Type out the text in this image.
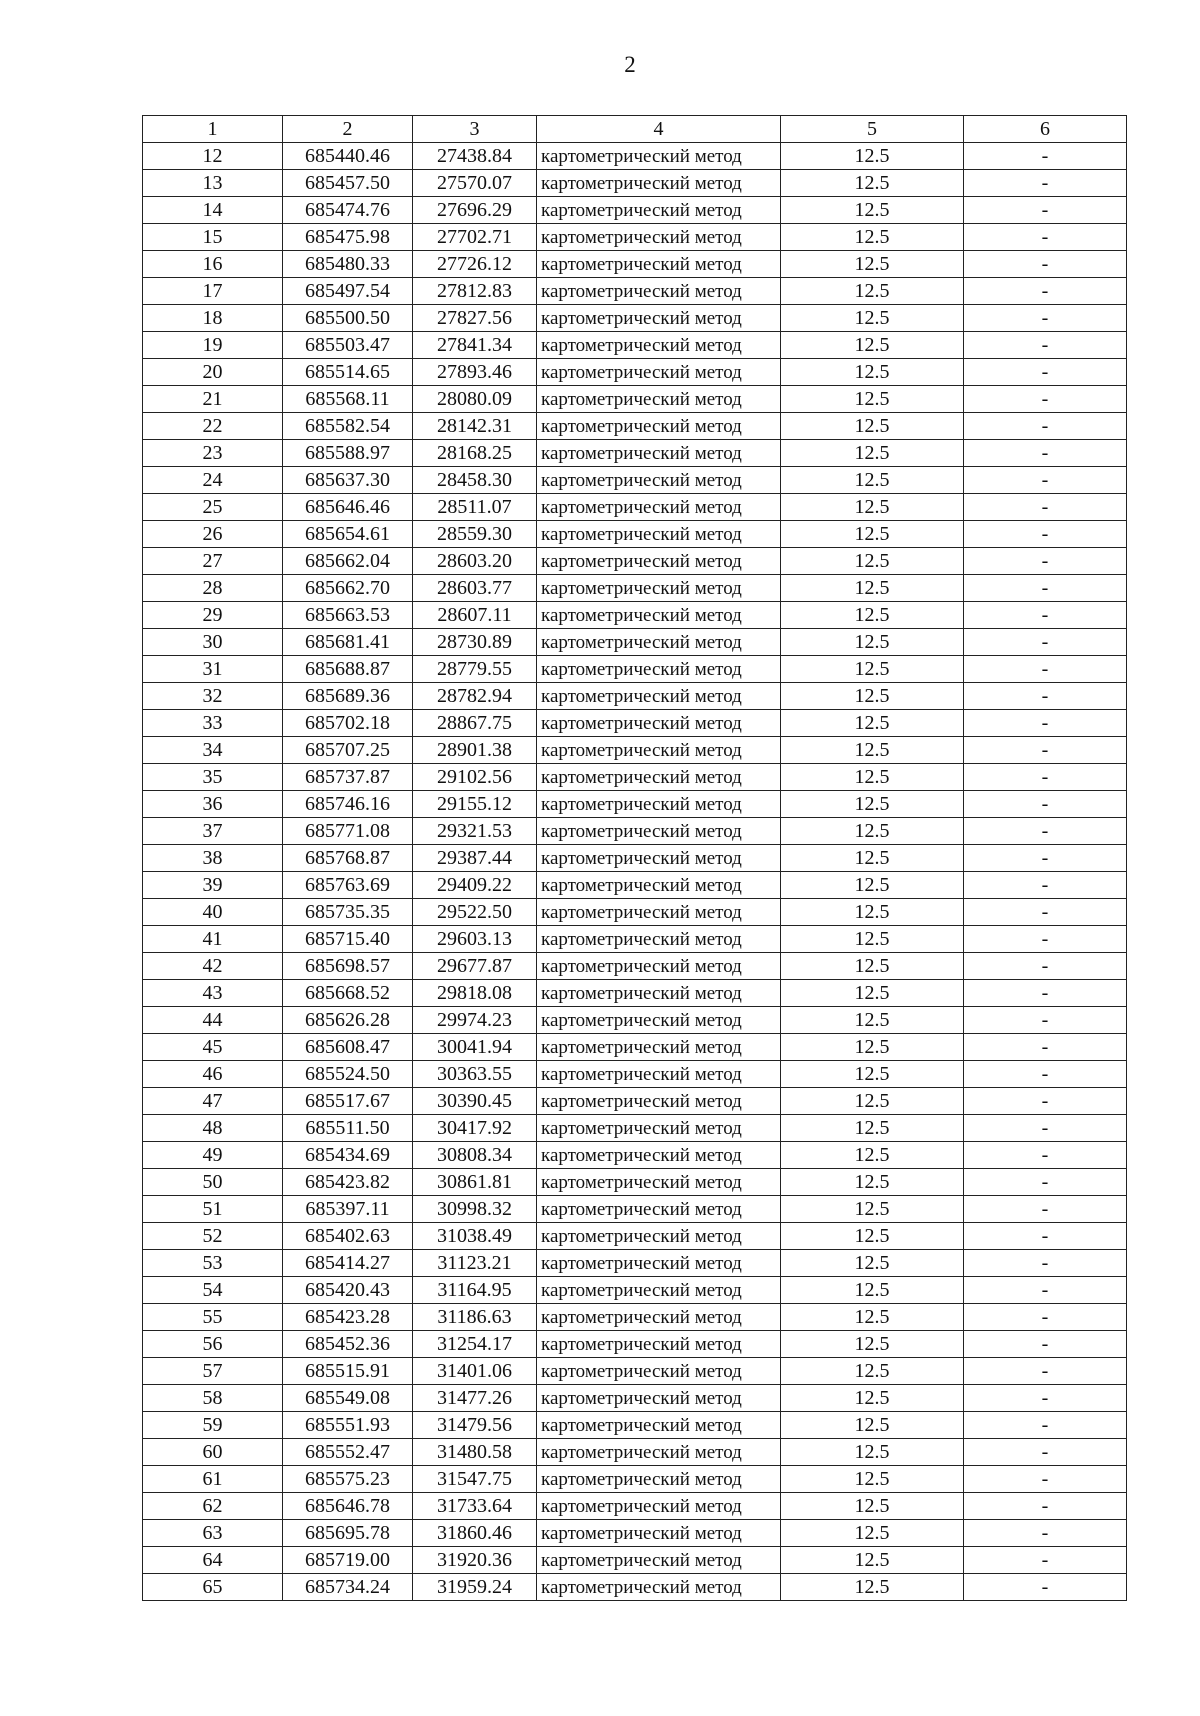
2
1	2	3	4	5	6
12	685440.46	27438.84	картометрический метод	12.5	-
13	685457.50	27570.07	картометрический метод	12.5	-
14	685474.76	27696.29	картометрический метод	12.5	-
15	685475.98	27702.71	картометрический метод	12.5	-
16	685480.33	27726.12	картометрический метод	12.5	-
17	685497.54	27812.83	картометрический метод	12.5	-
18	685500.50	27827.56	картометрический метод	12.5	-
19	685503.47	27841.34	картометрический метод	12.5	-
20	685514.65	27893.46	картометрический метод	12.5	-
21	685568.11	28080.09	картометрический метод	12.5	-
22	685582.54	28142.31	картометрический метод	12.5	-
23	685588.97	28168.25	картометрический метод	12.5	-
24	685637.30	28458.30	картометрический метод	12.5	-
25	685646.46	28511.07	картометрический метод	12.5	-
26	685654.61	28559.30	картометрический метод	12.5	-
27	685662.04	28603.20	картометрический метод	12.5	-
28	685662.70	28603.77	картометрический метод	12.5	-
29	685663.53	28607.11	картометрический метод	12.5	-
30	685681.41	28730.89	картометрический метод	12.5	-
31	685688.87	28779.55	картометрический метод	12.5	-
32	685689.36	28782.94	картометрический метод	12.5	-
33	685702.18	28867.75	картометрический метод	12.5	-
34	685707.25	28901.38	картометрический метод	12.5	-
35	685737.87	29102.56	картометрический метод	12.5	-
36	685746.16	29155.12	картометрический метод	12.5	-
37	685771.08	29321.53	картометрический метод	12.5	-
38	685768.87	29387.44	картометрический метод	12.5	-
39	685763.69	29409.22	картометрический метод	12.5	-
40	685735.35	29522.50	картометрический метод	12.5	-
41	685715.40	29603.13	картометрический метод	12.5	-
42	685698.57	29677.87	картометрический метод	12.5	-
43	685668.52	29818.08	картометрический метод	12.5	-
44	685626.28	29974.23	картометрический метод	12.5	-
45	685608.47	30041.94	картометрический метод	12.5	-
46	685524.50	30363.55	картометрический метод	12.5	-
47	685517.67	30390.45	картометрический метод	12.5	-
48	685511.50	30417.92	картометрический метод	12.5	-
49	685434.69	30808.34	картометрический метод	12.5	-
50	685423.82	30861.81	картометрический метод	12.5	-
51	685397.11	30998.32	картометрический метод	12.5	-
52	685402.63	31038.49	картометрический метод	12.5	-
53	685414.27	31123.21	картометрический метод	12.5	-
54	685420.43	31164.95	картометрический метод	12.5	-
55	685423.28	31186.63	картометрический метод	12.5	-
56	685452.36	31254.17	картометрический метод	12.5	-
57	685515.91	31401.06	картометрический метод	12.5	-
58	685549.08	31477.26	картометрический метод	12.5	-
59	685551.93	31479.56	картометрический метод	12.5	-
60	685552.47	31480.58	картометрический метод	12.5	-
61	685575.23	31547.75	картометрический метод	12.5	-
62	685646.78	31733.64	картометрический метод	12.5	-
63	685695.78	31860.46	картометрический метод	12.5	-
64	685719.00	31920.36	картометрический метод	12.5	-
65	685734.24	31959.24	картометрический метод	12.5	-
